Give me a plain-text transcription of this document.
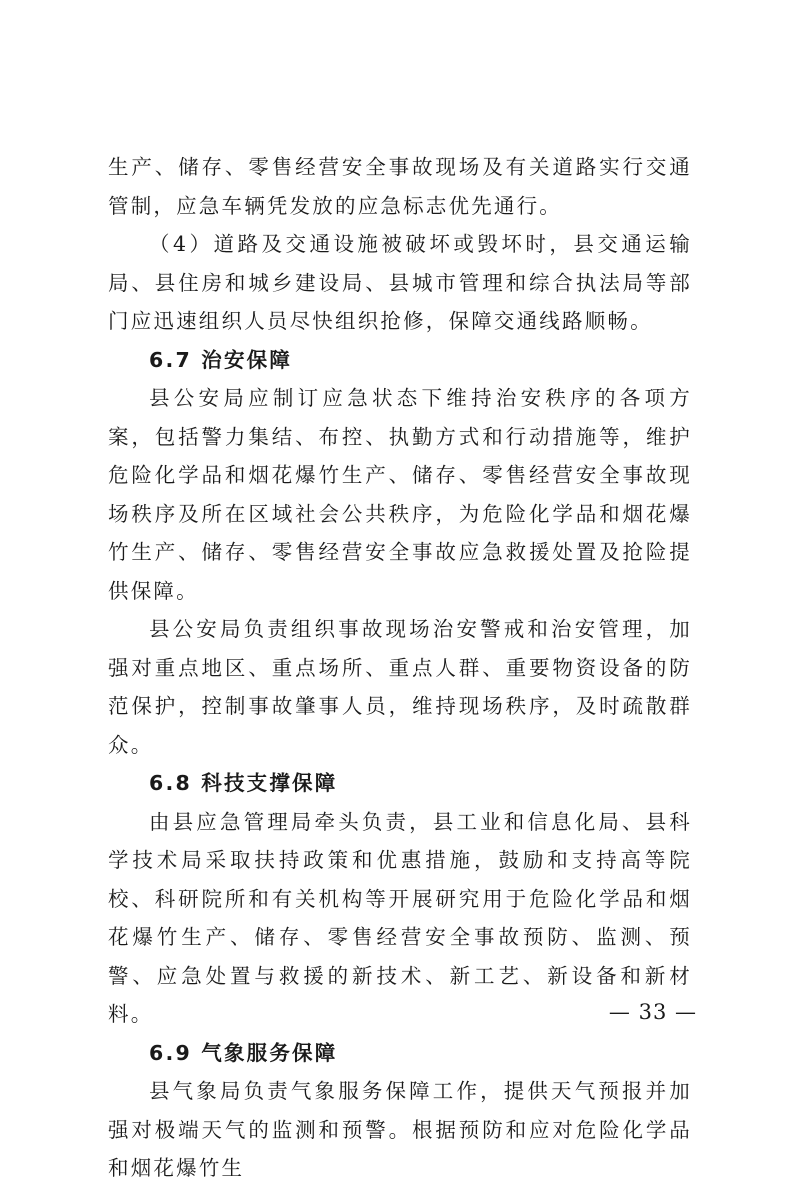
生产、储存、零售经营安全事故现场及有关道路实行交通管制，应急车辆凭发放的应急标志优先通行。

（4）道路及交通设施被破坏或毁坏时，县交通运输局、县住房和城乡建设局、县城市管理和综合执法局等部门应迅速组织人员尽快组织抢修，保障交通线路顺畅。

6.7 治安保障

县公安局应制订应急状态下维持治安秩序的各项方案，包括警力集结、布控、执勤方式和行动措施等，维护危险化学品和烟花爆竹生产、储存、零售经营安全事故现场秩序及所在区域社会公共秩序，为危险化学品和烟花爆竹生产、储存、零售经营安全事故应急救援处置及抢险提供保障。

县公安局负责组织事故现场治安警戒和治安管理，加强对重点地区、重点场所、重点人群、重要物资设备的防范保护，控制事故肇事人员，维持现场秩序，及时疏散群众。

6.8 科技支撑保障

由县应急管理局牵头负责，县工业和信息化局、县科学技术局采取扶持政策和优惠措施，鼓励和支持高等院校、科研院所和有关机构等开展研究用于危险化学品和烟花爆竹生产、储存、零售经营安全事故预防、监测、预警、应急处置与救援的新技术、新工艺、新设备和新材料。

6.9 气象服务保障

县气象局负责气象服务保障工作，提供天气预报并加强对极端天气的监测和预警。根据预防和应对危险化学品和烟花爆竹生

— 33 —
